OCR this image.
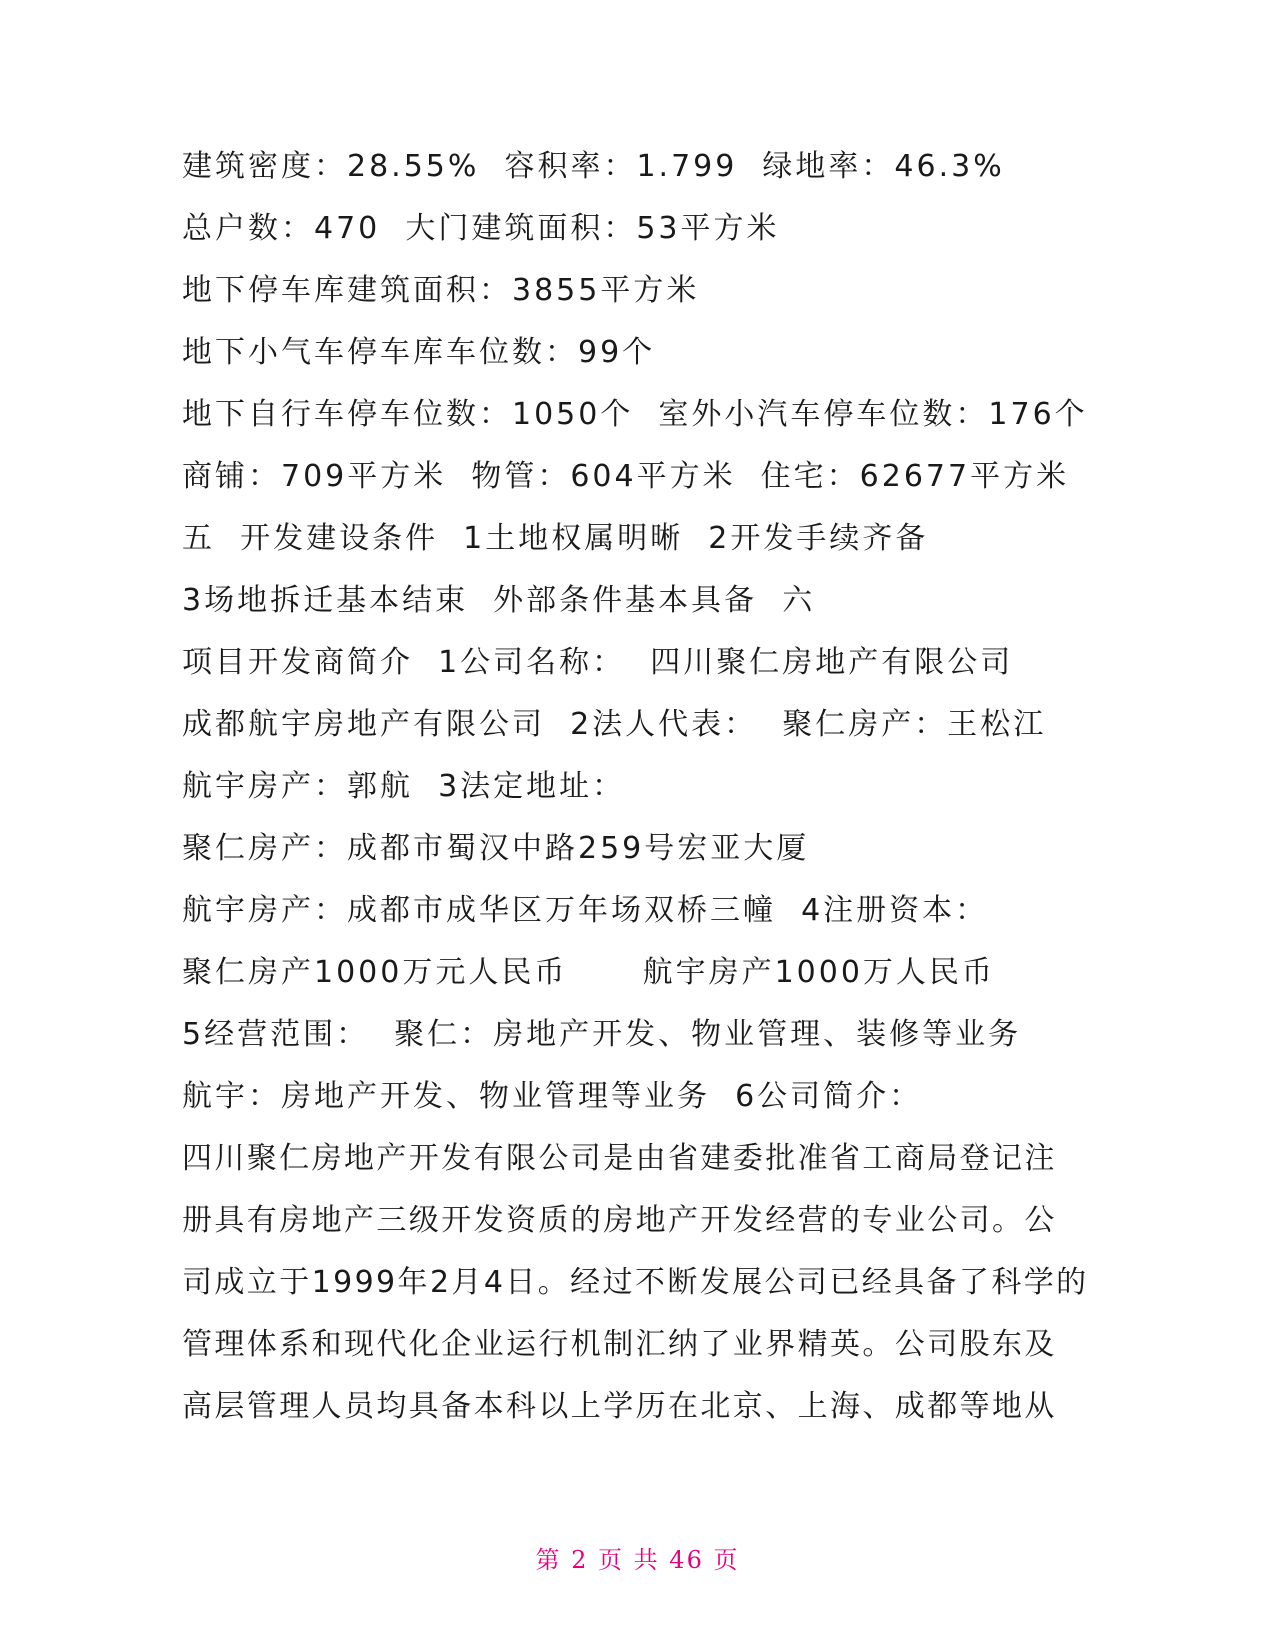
建筑密度：28.55%  容积率：1.799  绿地率：46.3%
总户数：470  大门建筑面积：53平方米
地下停车库建筑面积：3855平方米
地下小气车停车库车位数：99个
地下自行车停车位数：1050个  室外小汽车停车位数：176个
商铺：709平方米  物管：604平方米  住宅：62677平方米
五  开发建设条件  1土地权属明晰  2开发手续齐备
3场地拆迁基本结束  外部条件基本具备  六
项目开发商简介  1公司名称：  四川聚仁房地产有限公司
成都航宇房地产有限公司  2法人代表：  聚仁房产：王松江
航宇房产：郭航  3法定地址：
聚仁房产：成都市蜀汉中路259号宏亚大厦
航宇房产：成都市成华区万年场双桥三幢  4注册资本：
聚仁房产1000万元人民币      航宇房产1000万人民币
5经营范围：  聚仁：房地产开发、物业管理、装修等业务
航宇：房地产开发、物业管理等业务  6公司简介：
四川聚仁房地产开发有限公司是由省建委批准省工商局登记注
册具有房地产三级开发资质的房地产开发经营的专业公司。公
司成立于1999年2月4日。经过不断发展公司已经具备了科学的
管理体系和现代化企业运行机制汇纳了业界精英。公司股东及
高层管理人员均具备本科以上学历在北京、上海、成都等地从
第 2 页 共 46 页
